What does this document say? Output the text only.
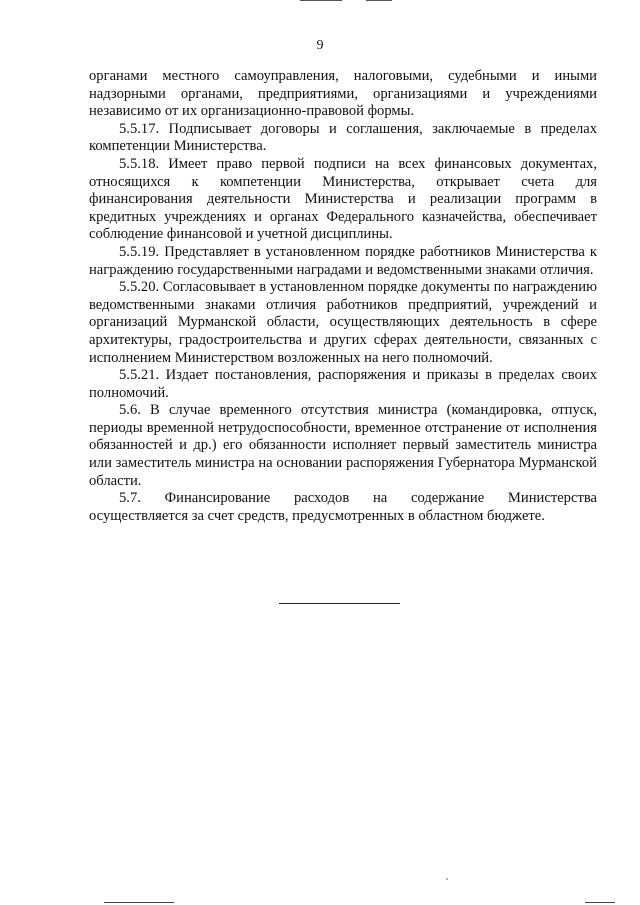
9

органами местного самоуправления, налоговыми, судебными и иными надзорными органами, предприятиями, организациями и учреждениями независимо от их организационно-правовой формы.

5.5.17. Подписывает договоры и соглашения, заключаемые в пределах компетенции Министерства.

5.5.18. Имеет право первой подписи на всех финансовых документах, относящихся к компетенции Министерства, открывает счета для финансирования деятельности Министерства и реализации программ в кредитных учреждениях и органах Федерального казначейства, обеспечивает соблюдение финансовой и учетной дисциплины.

5.5.19. Представляет в установленном порядке работников Министерства к награждению государственными наградами и ведомственными знаками отличия.

5.5.20. Согласовывает в установленном порядке документы по награждению ведомственными знаками отличия работников предприятий, учреждений и организаций Мурманской области, осуществляющих деятельность в сфере архитектуры, градостроительства и других сферах деятельности, связанных с исполнением Министерством возложенных на него полномочий.

5.5.21. Издает постановления, распоряжения и приказы в пределах своих полномочий.

5.6. В случае временного отсутствия министра (командировка, отпуск, периоды временной нетрудоспособности, временное отстранение от исполнения обязанностей и др.) его обязанности исполняет первый заместитель министра или заместитель министра на основании распоряжения Губернатора Мурманской области.

5.7. Финансирование расходов на содержание Министерства осуществляется за счет средств, предусмотренных в областном бюджете.
